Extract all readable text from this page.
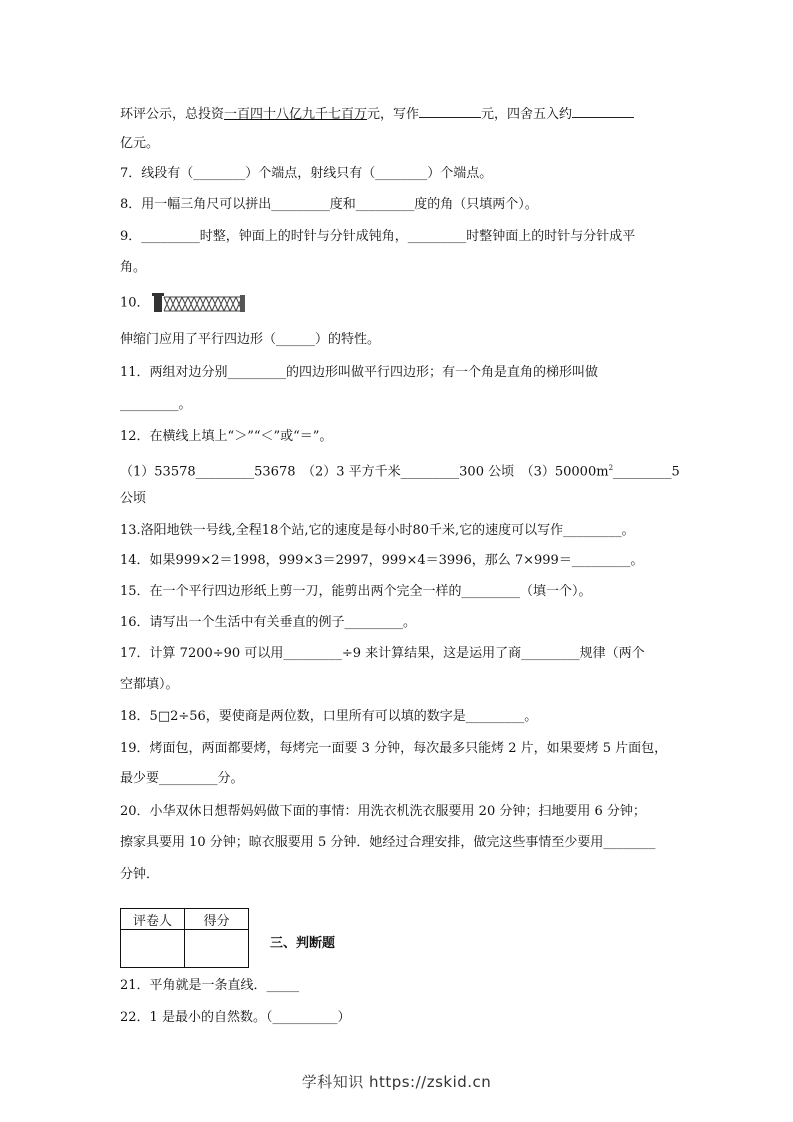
环评公示，总投资一百四十八亿九千七百万元，写作	元，四舍五入约
亿元。
7．线段有（________）个端点，射线只有（________）个端点。
8．用一幅三角尺可以拼出_________度和_________度的角（只填两个）。
9．_________时整，钟面上的时针与分针成钝角，_________时整钟面上的时针与分针成平
角。
10．
伸缩门应用了平行四边形（______）的特性。
11．两组对边分别_________的四边形叫做平行四边形；有一个角是直角的梯形叫做
_________。
12．在横线上填上“＞”“＜”或“＝”。
（1）53578_________53678　（2）3 平方千米_________300 公顷　$(3)50000m^2\_\_\_\_\_\_\_\_\_5$
公顷
13.洛阳地铁一号线,全程18个站,它的速度是每小时80千米,它的速度可以写作_________。
14．如果999×2＝1998，999×3＝2997，999×4＝3996，那么 7×999＝_________。
15．在一个平行四边形纸上剪一刀，能剪出两个完全一样的_________（填一个）。
16．请写出一个生活中有关垂直的例子_________。
17．计算 7200÷90 可以用_________÷9 来计算结果，这是运用了商_________规律（两个
空都填）。
18．5□2÷56，要使商是两位数，口里所有可以填的数字是_________。
19．烤面包，两面都要烤，每烤完一面要 3 分钟，每次最多只能烤 2 片，如果要烤 5 片面包，
最少要_________分。
20．小华双休日想帮妈妈做下面的事情：用洗衣机洗衣服要用 20 分钟；扫地要用 6 分钟；
擦家具要用 10 分钟；晾衣服要用 5 分钟．她经过合理安排，做完这些事情至少要用________
分钟．
评卷人	得分

三、判断题
21．平角就是一条直线．_____
22．1 是最小的自然数。（__________）
学科知识 https://zskid.cn
